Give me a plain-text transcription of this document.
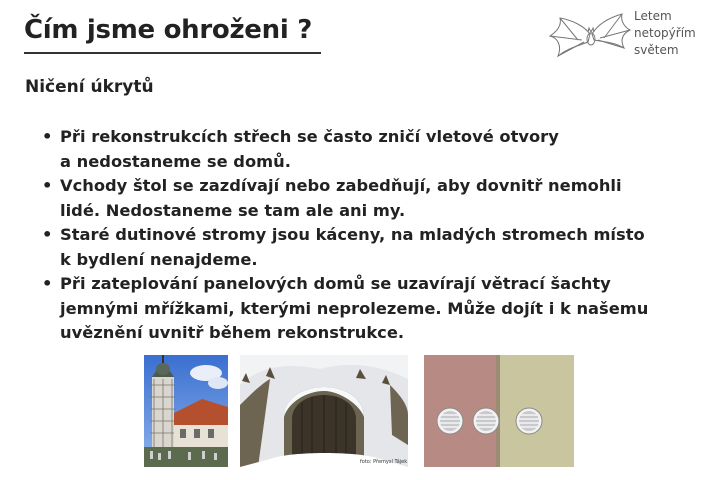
Čím jsme ohroženi ?	Letem
netopýřím
světem
Ničení úkrytů
• Při rekonstrukcích střech se často zničí vletové otvory
a nedostaneme se domů.
• Vchody štol se zazdívají nebo zabedňují, aby dovnitř nemohli
lidé. Nedostaneme se tam ale ani my.
• Staré dutinové stromy jsou káceny, na mladých stromech místo
k bydlení nenajdeme.
• Při zateplování panelových domů se uzavírají větrací šachty
jemnými mřížkami, kterými neprolezeme. Může dojít i k našemu
uvěznění uvnitř během rekonstrukce.
foto: Přemysl Tájek
